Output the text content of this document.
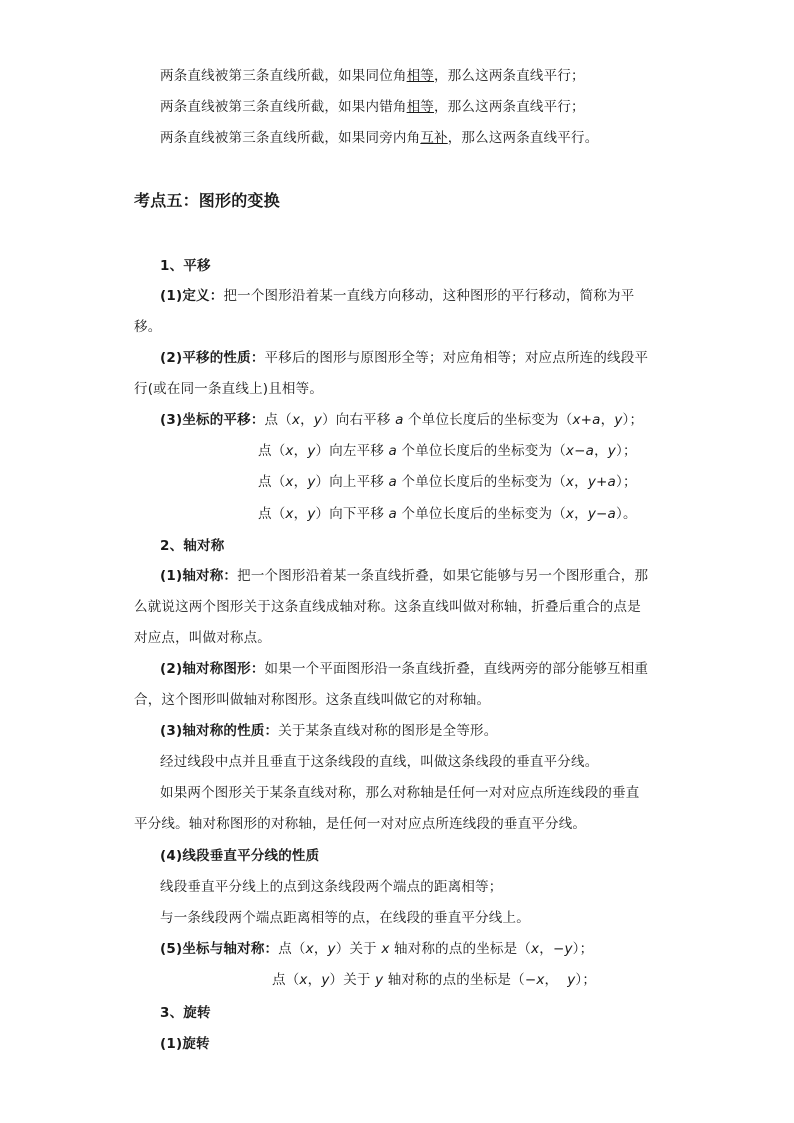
两条直线被第三条直线所截，如果同位角相等，那么这两条直线平行；
两条直线被第三条直线所截，如果内错角相等，那么这两条直线平行；
两条直线被第三条直线所截，如果同旁内角互补，那么这两条直线平行。
考点五：图形的变换
1、平移
(1)定义：把一个图形沿着某一直线方向移动，这种图形的平行移动，简称为平
移。
(2)平移的性质：平移后的图形与原图形全等；对应角相等；对应点所连的线段平
行(或在同一条直线上)且相等。
(3)坐标的平移：点（x，y）向右平移 a 个单位长度后的坐标变为（x+a，y）；
点（x，y）向左平移 a 个单位长度后的坐标变为（x−a，y）；
点（x，y）向上平移 a 个单位长度后的坐标变为（x，y+a）；
点（x，y）向下平移 a 个单位长度后的坐标变为（x，y−a）。
2、轴对称
(1)轴对称：把一个图形沿着某一条直线折叠，如果它能够与另一个图形重合，那
么就说这两个图形关于这条直线成轴对称。这条直线叫做对称轴，折叠后重合的点是
对应点，叫做对称点。
(2)轴对称图形：如果一个平面图形沿一条直线折叠，直线两旁的部分能够互相重
合，这个图形叫做轴对称图形。这条直线叫做它的对称轴。
(3)轴对称的性质：关于某条直线对称的图形是全等形。
经过线段中点并且垂直于这条线段的直线，叫做这条线段的垂直平分线。
如果两个图形关于某条直线对称，那么对称轴是任何一对对应点所连线段的垂直
平分线。轴对称图形的对称轴，是任何一对对应点所连线段的垂直平分线。
(4)线段垂直平分线的性质
线段垂直平分线上的点到这条线段两个端点的距离相等；
与一条线段两个端点距离相等的点，在线段的垂直平分线上。
(5)坐标与轴对称：点（x，y）关于 x 轴对称的点的坐标是（x，−y）；
点（x，y）关于 y 轴对称的点的坐标是（−x，  y）；
3、旋转
(1)旋转
